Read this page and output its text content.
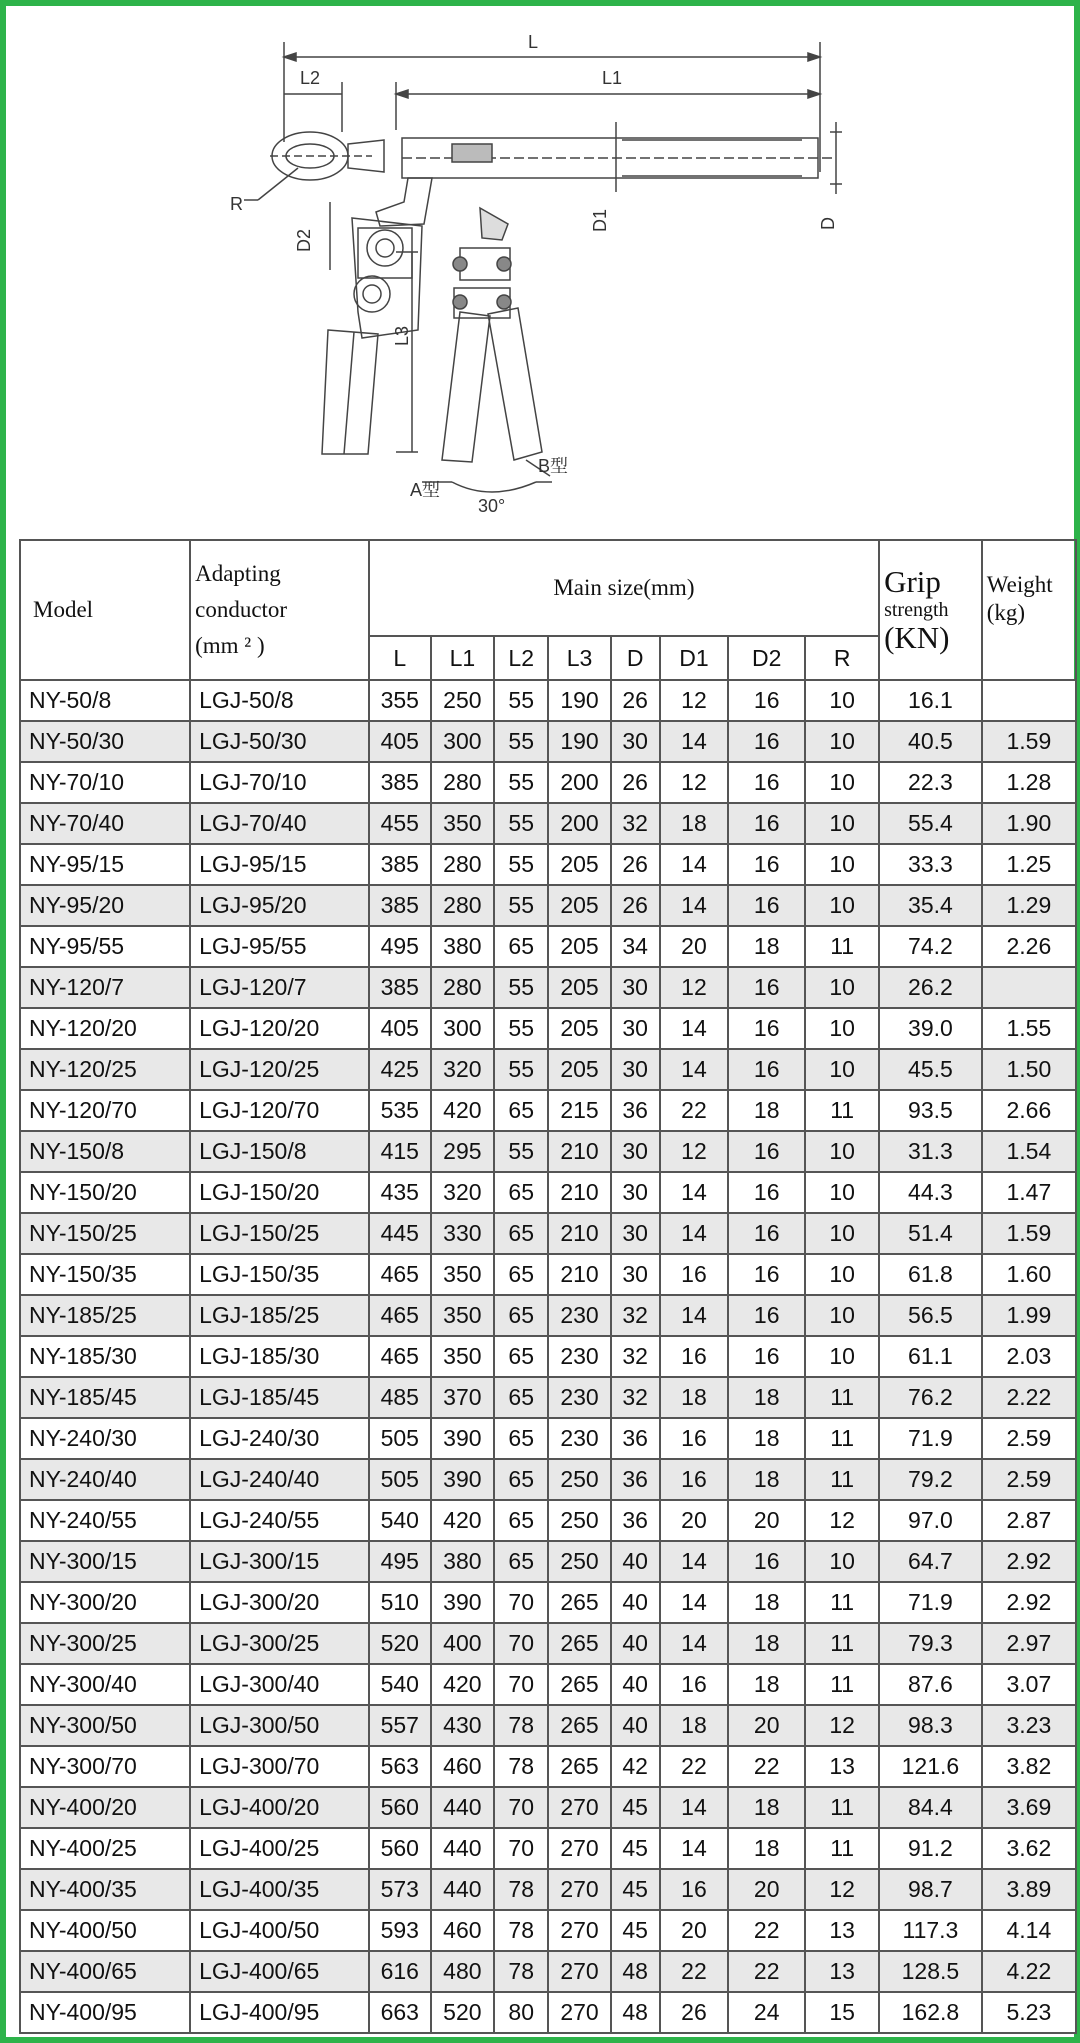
L
L2	L1
R
D
D1
D2
L3
A型
B型
30°
Model	Adapting conductor
(mm ² )	Main size(mm)								Grip
strength
(KN)	Weight
(kg)
		L	L1	L2	L3	D	D1	D2	R		
NY-50/8	LGJ-50/8	355	250	55	190	26	12	16	10	16.1	
NY-50/30	LGJ-50/30	405	300	55	190	30	14	16	10	40.5	1.59
NY-70/10	LGJ-70/10	385	280	55	200	26	12	16	10	22.3	1.28
NY-70/40	LGJ-70/40	455	350	55	200	32	18	16	10	55.4	1.90
NY-95/15	LGJ-95/15	385	280	55	205	26	14	16	10	33.3	1.25
NY-95/20	LGJ-95/20	385	280	55	205	26	14	16	10	35.4	1.29
NY-95/55	LGJ-95/55	495	380	65	205	34	20	18	11	74.2	2.26
NY-120/7	LGJ-120/7	385	280	55	205	30	12	16	10	26.2	
NY-120/20	LGJ-120/20	405	300	55	205	30	14	16	10	39.0	1.55
NY-120/25	LGJ-120/25	425	320	55	205	30	14	16	10	45.5	1.50
NY-120/70	LGJ-120/70	535	420	65	215	36	22	18	11	93.5	2.66
NY-150/8	LGJ-150/8	415	295	55	210	30	12	16	10	31.3	1.54
NY-150/20	LGJ-150/20	435	320	65	210	30	14	16	10	44.3	1.47
NY-150/25	LGJ-150/25	445	330	65	210	30	14	16	10	51.4	1.59
NY-150/35	LGJ-150/35	465	350	65	210	30	16	16	10	61.8	1.60
NY-185/25	LGJ-185/25	465	350	65	230	32	14	16	10	56.5	1.99
NY-185/30	LGJ-185/30	465	350	65	230	32	16	16	10	61.1	2.03
NY-185/45	LGJ-185/45	485	370	65	230	32	18	18	11	76.2	2.22
NY-240/30	LGJ-240/30	505	390	65	230	36	16	18	11	71.9	2.59
NY-240/40	LGJ-240/40	505	390	65	250	36	16	18	11	79.2	2.59
NY-240/55	LGJ-240/55	540	420	65	250	36	20	20	12	97.0	2.87
NY-300/15	LGJ-300/15	495	380	65	250	40	14	16	10	64.7	2.92
NY-300/20	LGJ-300/20	510	390	70	265	40	14	18	11	71.9	2.92
NY-300/25	LGJ-300/25	520	400	70	265	40	14	18	11	79.3	2.97
NY-300/40	LGJ-300/40	540	420	70	265	40	16	18	11	87.6	3.07
NY-300/50	LGJ-300/50	557	430	78	265	40	18	20	12	98.3	3.23
NY-300/70	LGJ-300/70	563	460	78	265	42	22	22	13	121.6	3.82
NY-400/20	LGJ-400/20	560	440	70	270	45	14	18	11	84.4	3.69
NY-400/25	LGJ-400/25	560	440	70	270	45	14	18	11	91.2	3.62
NY-400/35	LGJ-400/35	573	440	78	270	45	16	20	12	98.7	3.89
NY-400/50	LGJ-400/50	593	460	78	270	45	20	22	13	117.3	4.14
NY-400/65	LGJ-400/65	616	480	78	270	48	22	22	13	128.5	4.22
NY-400/95	LGJ-400/95	663	520	80	270	48	26	24	15	162.8	5.23
